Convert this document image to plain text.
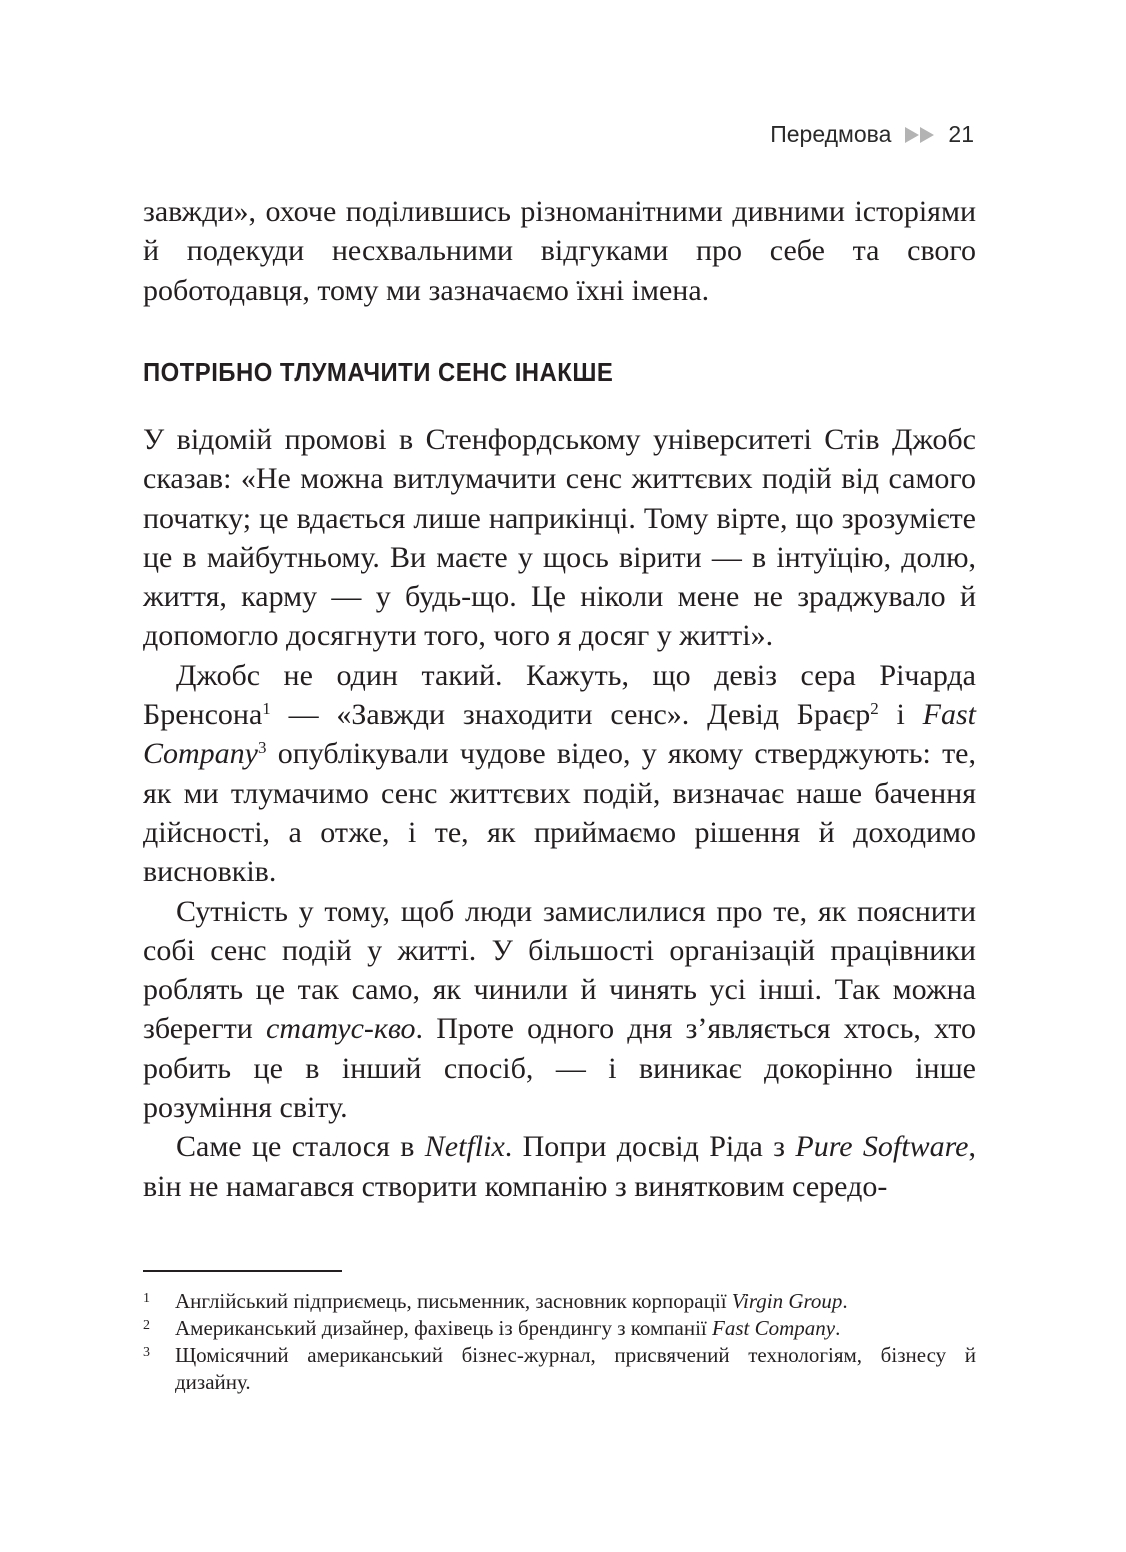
Передмова 21

завжди», охоче поділившись різноманітними дивними історіями й подекуди несхвальними відгуками про себе та свого роботодавця, тому ми зазначаємо їхні імена.

ПОТРІБНО ТЛУМАЧИТИ СЕНС ІНАКШЕ

У відомій промові в Стенфордському університеті Стів Джобс сказав: «Не можна витлумачити сенс життєвих подій від самого початку; це вдається лише наприкінці. Тому вірте, що зрозумієте це в майбутньому. Ви маєте у щось вірити — в інтуїцію, долю, життя, карму — у будь-що. Це ніколи мене не зраджувало й допомогло досягнути того, чого я досяг у житті».

Джобс не один такий. Кажуть, що девіз сера Річарда Бренсона$^1$ — «Завжди знаходити сенс». Девід Браєр$^2$ і Fast Company$^3$ опублікували чудове відео, у якому стверджують: те, як ми тлумачимо сенс життєвих подій, визначає наше бачення дійсності, а отже, і те, як приймаємо рішення й доходимо висновків.

Сутність у тому, щоб люди замислилися про те, як пояснити собі сенс подій у житті. У більшості організацій працівники роблять це так само, як чинили й чинять усі інші. Так можна зберегти статус-кво. Проте одного дня з’являється хтось, хто робить це в інший спосіб, — і виникає докорінно інше розуміння світу.

Саме це сталося в Netflix. Попри досвід Ріда з Pure Software, він не намагався створити компанію з винятковим середо-

1	Англійський підприємець, письменник, засновник корпорації Virgin Group.
2	Американський дизайнер, фахівець із брендингу з компанії Fast Company.
3	Щомісячний американський бізнес-журнал, присвячений технологіям, бізнесу й дизайну.
